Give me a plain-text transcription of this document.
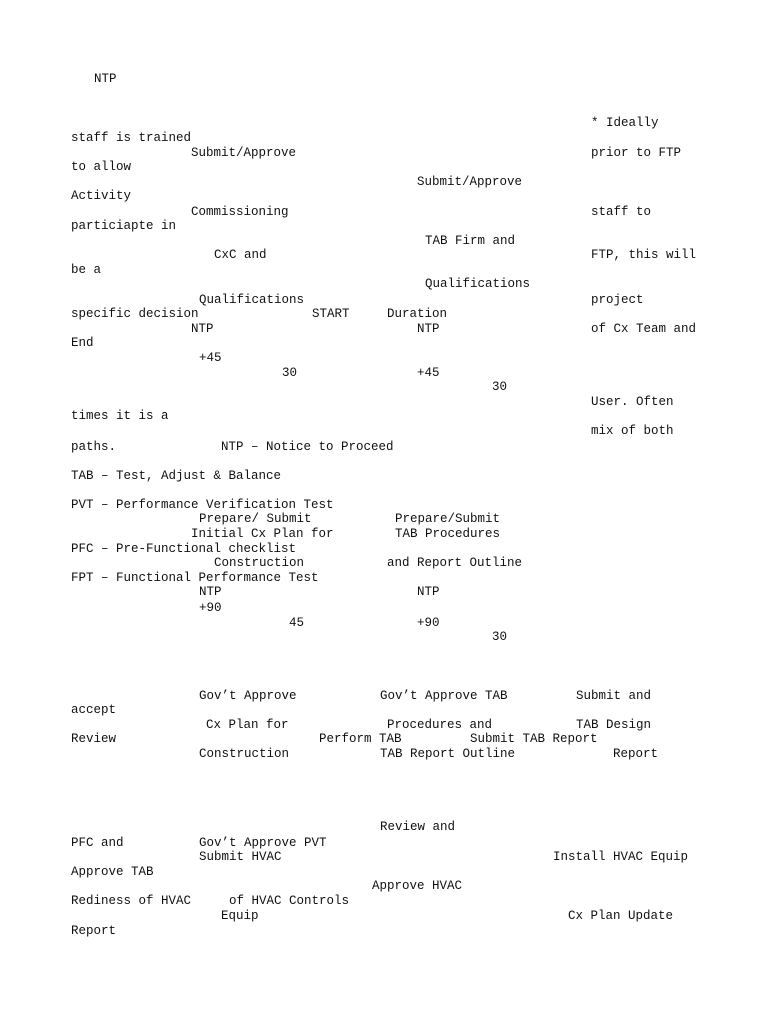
NTP
* Ideally
staff is trained
Submit/Approve	prior to FTP
to allow
Submit/Approve
Activity
Commissioning	staff to
particiapte in
TAB Firm and
CxC and	FTP, this will
be a
Qualifications
Qualifications	project
specific decision	START	Duration
NTP	NTP	of Cx Team and
End
+45
30	+45
30
User. Often
times it is a
mix of both
paths.	NTP – Notice to Proceed
TAB – Test, Adjust & Balance
PVT – Performance Verification Test
Prepare/ Submit	Prepare/Submit
Initial Cx Plan for	TAB Procedures
PFC – Pre-Functional checklist
Construction	and Report Outline
FPT – Functional Performance Test
NTP	NTP
+90
45	+90
30
Gov’t Approve	Gov’t Approve TAB	Submit and
accept
Cx Plan for	Procedures and	TAB Design
Review	Perform TAB	Submit TAB Report
Construction	TAB Report Outline	Report
Review and
PFC and	Gov’t Approve PVT
Submit HVAC	Install HVAC Equip
Approve TAB
Approve HVAC
Rediness of HVAC	of HVAC Controls
Equip	Cx Plan Update
Report
